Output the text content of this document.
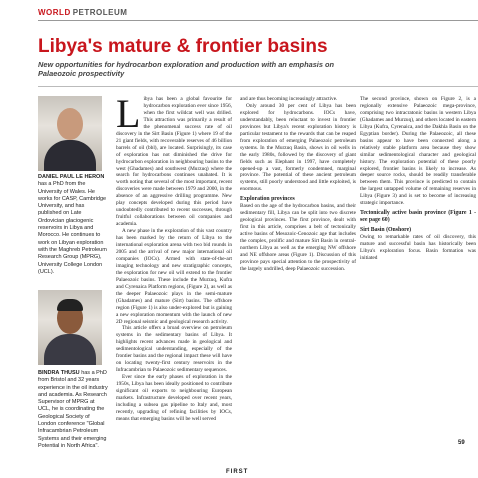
WORLD PETROLEUM
Libya's mature & frontier basins

New opportunities for hydrocarbon exploration and production with an emphasis on Palaeozoic prospectivity

DANIEL PAUL LE HERON has a PhD from the University of Wales. He works for CASP, Cambridge University, and has published on Late Ordovician glaciogenic reservoirs in Libya and Morocco. He continues to work on Libyan exploration with the Maghreb Petroleum Research Group (MPRG), University College London (UCL).

BINDRA THUSU has a PhD from Bristol and 32 years experience in the oil industry and academia. As Research Supervisor of MPRG at UCL, he is coordinating the Geological Society of London conference "Global Infracambrian Petroleum Systems and their emerging Potential in North Africa".

Libya has been a global favourite for hydrocarbon exploration ever since 1956, when the first wildcat well was drilled. This attraction was primarily a result of the phenomenal success rate of oil discovery in the Sirt Basin (Figure 1) where 19 of the 21 giant fields, with recoverable reserves of 46 billion barrels of oil (bbl), are located. Surprisingly, its case of exploration has not diminished the drive for hydrocarbon exploration in neighbouring basins to the west (Ghadames) and southwest (Murzuq) where the search for hydrocarbons continues unabated. It is worth noting that several of the most important, recent discoveries were made between 1979 and 2000, in the absence of an aggressive drilling programme. New play concepts developed during this period have undoubtedly contributed to recent successes, through fruitful collaborations between oil companies and academia.

A new phase in the exploration of this vast country has been marked by the return of Libya to the international exploration arena with two bid rounds in 2005 and the arrival of new major international oil companies (IOCs). Armed with state-of-the-art imaging technology and new stratigraphic concepts, the exploration for new oil will extend to the frontier Palaeozoic basins. These include the Murzuq, Kufra and Cyrenaica Platform regions, (Figure 2), as well as the deeper Palaeozoic plays in the semi-mature (Ghadames) and mature (Sirt) basins. The offshore region (Figure 1) is also under-explored but is gaining a new exploration momentum with the launch of new 2D regional seismic and geological research activity.

This article offers a broad overview on petroleum systems in the sedimentary basins of Libya. It highlights recent advances made in geological and sedimentological understanding, especially of the frontier basins and the regional impact these will have on locating twenty-first century reservoirs in the Infracambrian to Palaeozoic sedimentary sequences.

Ever since the early phases of exploration in the 1950s, Libya has been ideally positioned to contribute significant oil exports to neighbouring European markets. Infrastructure developed over recent years, including a subsea gas pipeline to Italy and, most recently, upgrading of refining facilities by IOCs, means that emerging basins will be well served

and are thus becoming increasingly attractive.

Only around 30 per cent of Libya has been explored for hydrocarbons. IOCs have, understandably, been reluctant to invest in frontier provinces but Libya's recent exploration history is particular testament to the rewards that can be reaped from exploration of emerging Palaeozoic petroleum systems. In the Murzuq Basin, shows in oil wells in the early 1980s, followed by the discovery of giant fields such as Elephant in 1997, have completely opened-up a vast, formerly condemned, marginal province. The potential of these ancient petroleum systems, still poorly understood and little exploited, is enormous.

Exploration provinces

Based on the age of the hydrocarbon basins, and their sedimentary fill, Libya can be split into two discrete geological provinces. The first province, dealt with first in this article, comprises a belt of tectonically active basins of Mesozoic-Cenozoic age that includes the complex, prolific and mature Sirt Basin in central-northern Libya as well as the emerging NW offshore and NE offshore areas (Figure 1). Discussion of this province pays special attention to the prospectivity of the largely undrilled, deep Palaeozoic succession.

The second province, shown on Figure 2, is a regionally extensive Palaeozoic mega-province, comprising two intracratonic basins in western Libya (Ghadames and Murzuq), and others located in eastern Libya (Kufra, Cyrenaica, and the Dakhla Basin on the Egyptian border). During the Palaeozoic, all these basins appear to have been connected along a relatively stable platform area because they show similar sedimentological character and geological history. The exploration potential of these poorly explored, frontier basins is likely to increase. As deeper source rocks, should be readily transferable between them. This province is predicted to contain the largest untapped volume of remaining reserves in Libya (Figure 3) and is set to become of increasing strategic importance.

Tectonically active basin province (Figure 1 - see page 60)

Sirt Basin (Onshore)

Owing to remarkable rates of oil discovery, this mature and successful basin has historically been Libya's exploration focus. Basin formation was initiated

FIRST
59
